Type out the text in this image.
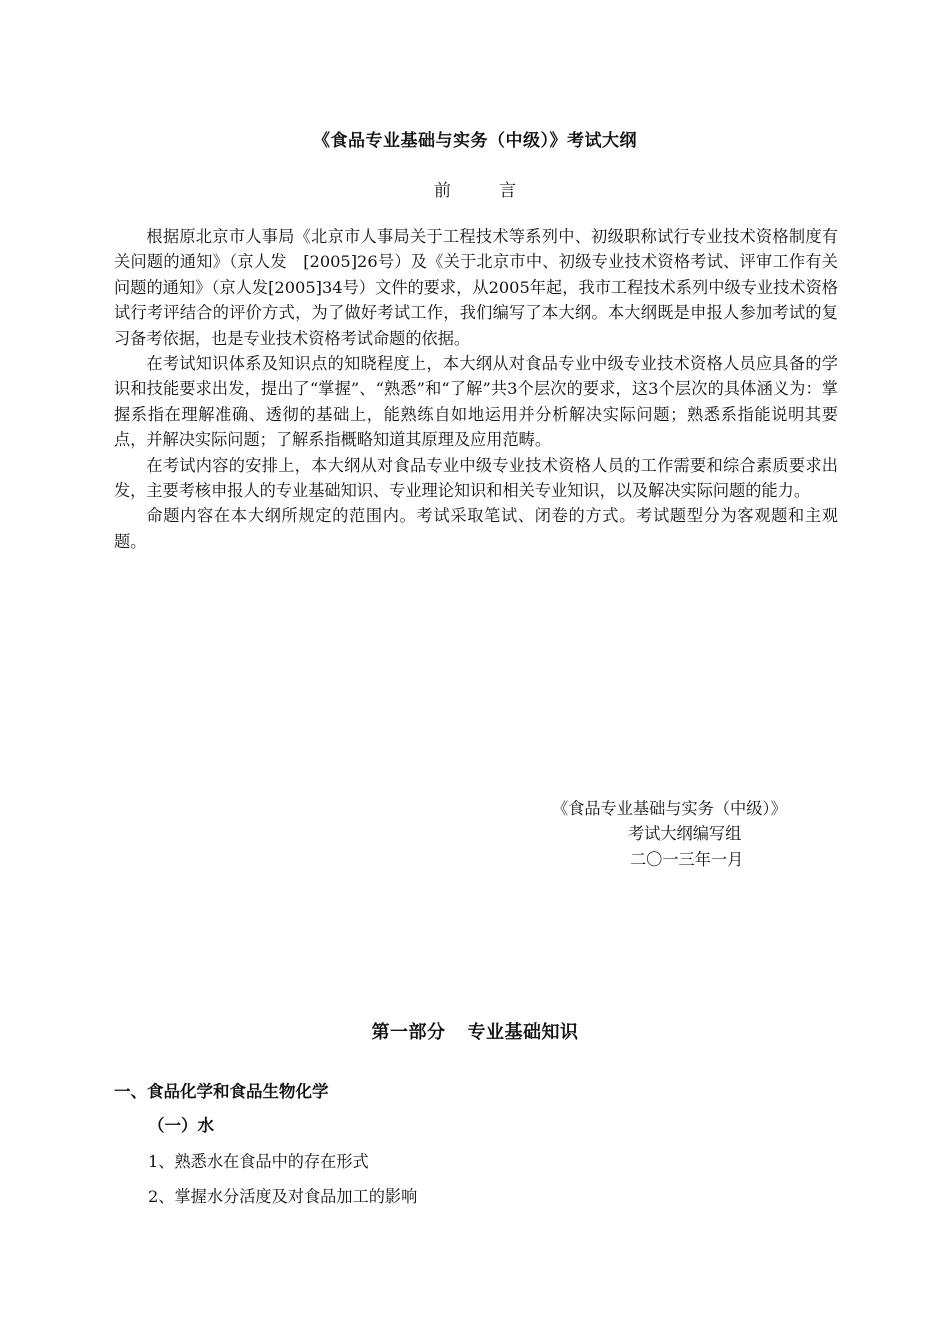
《食品专业基础与实务（中级）》考试大纲
前	言

根据原北京市人事局《北京市人事局关于工程技术等系列中、初级职称试行专业技术资格制度有关问题的通知》（京人发　[2005]26号）及《关于北京市中、初级专业技术资格考试、评审工作有关问题的通知》（京人发[2005]34号）文件的要求，从2005年起，我市工程技术系列中级专业技术资格试行考评结合的评价方式，为了做好考试工作，我们编写了本大纲。本大纲既是申报人参加考试的复习备考依据，也是专业技术资格考试命题的依据。

在考试知识体系及知识点的知晓程度上，本大纲从对食品专业中级专业技术资格人员应具备的学识和技能要求出发，提出了“掌握”、“熟悉”和“了解”共3个层次的要求，这3个层次的具体涵义为：掌握系指在理解准确、透彻的基础上，能熟练自如地运用并分析解决实际问题；熟悉系指能说明其要点，并解决实际问题；了解系指概略知道其原理及应用范畴。

在考试内容的安排上，本大纲从对食品专业中级专业技术资格人员的工作需要和综合素质要求出发，主要考核申报人的专业基础知识、专业理论知识和相关专业知识，以及解决实际问题的能力。

命题内容在本大纲所规定的范围内。考试采取笔试、闭卷的方式。考试题型分为客观题和主观题。

《食品专业基础与实务（中级）》
考试大纲编写组
二〇一三年一月
第一部分 专业基础知识
一、食品化学和食品生物化学
（一）水
1、熟悉水在食品中的存在形式
2、掌握水分活度及对食品加工的影响
